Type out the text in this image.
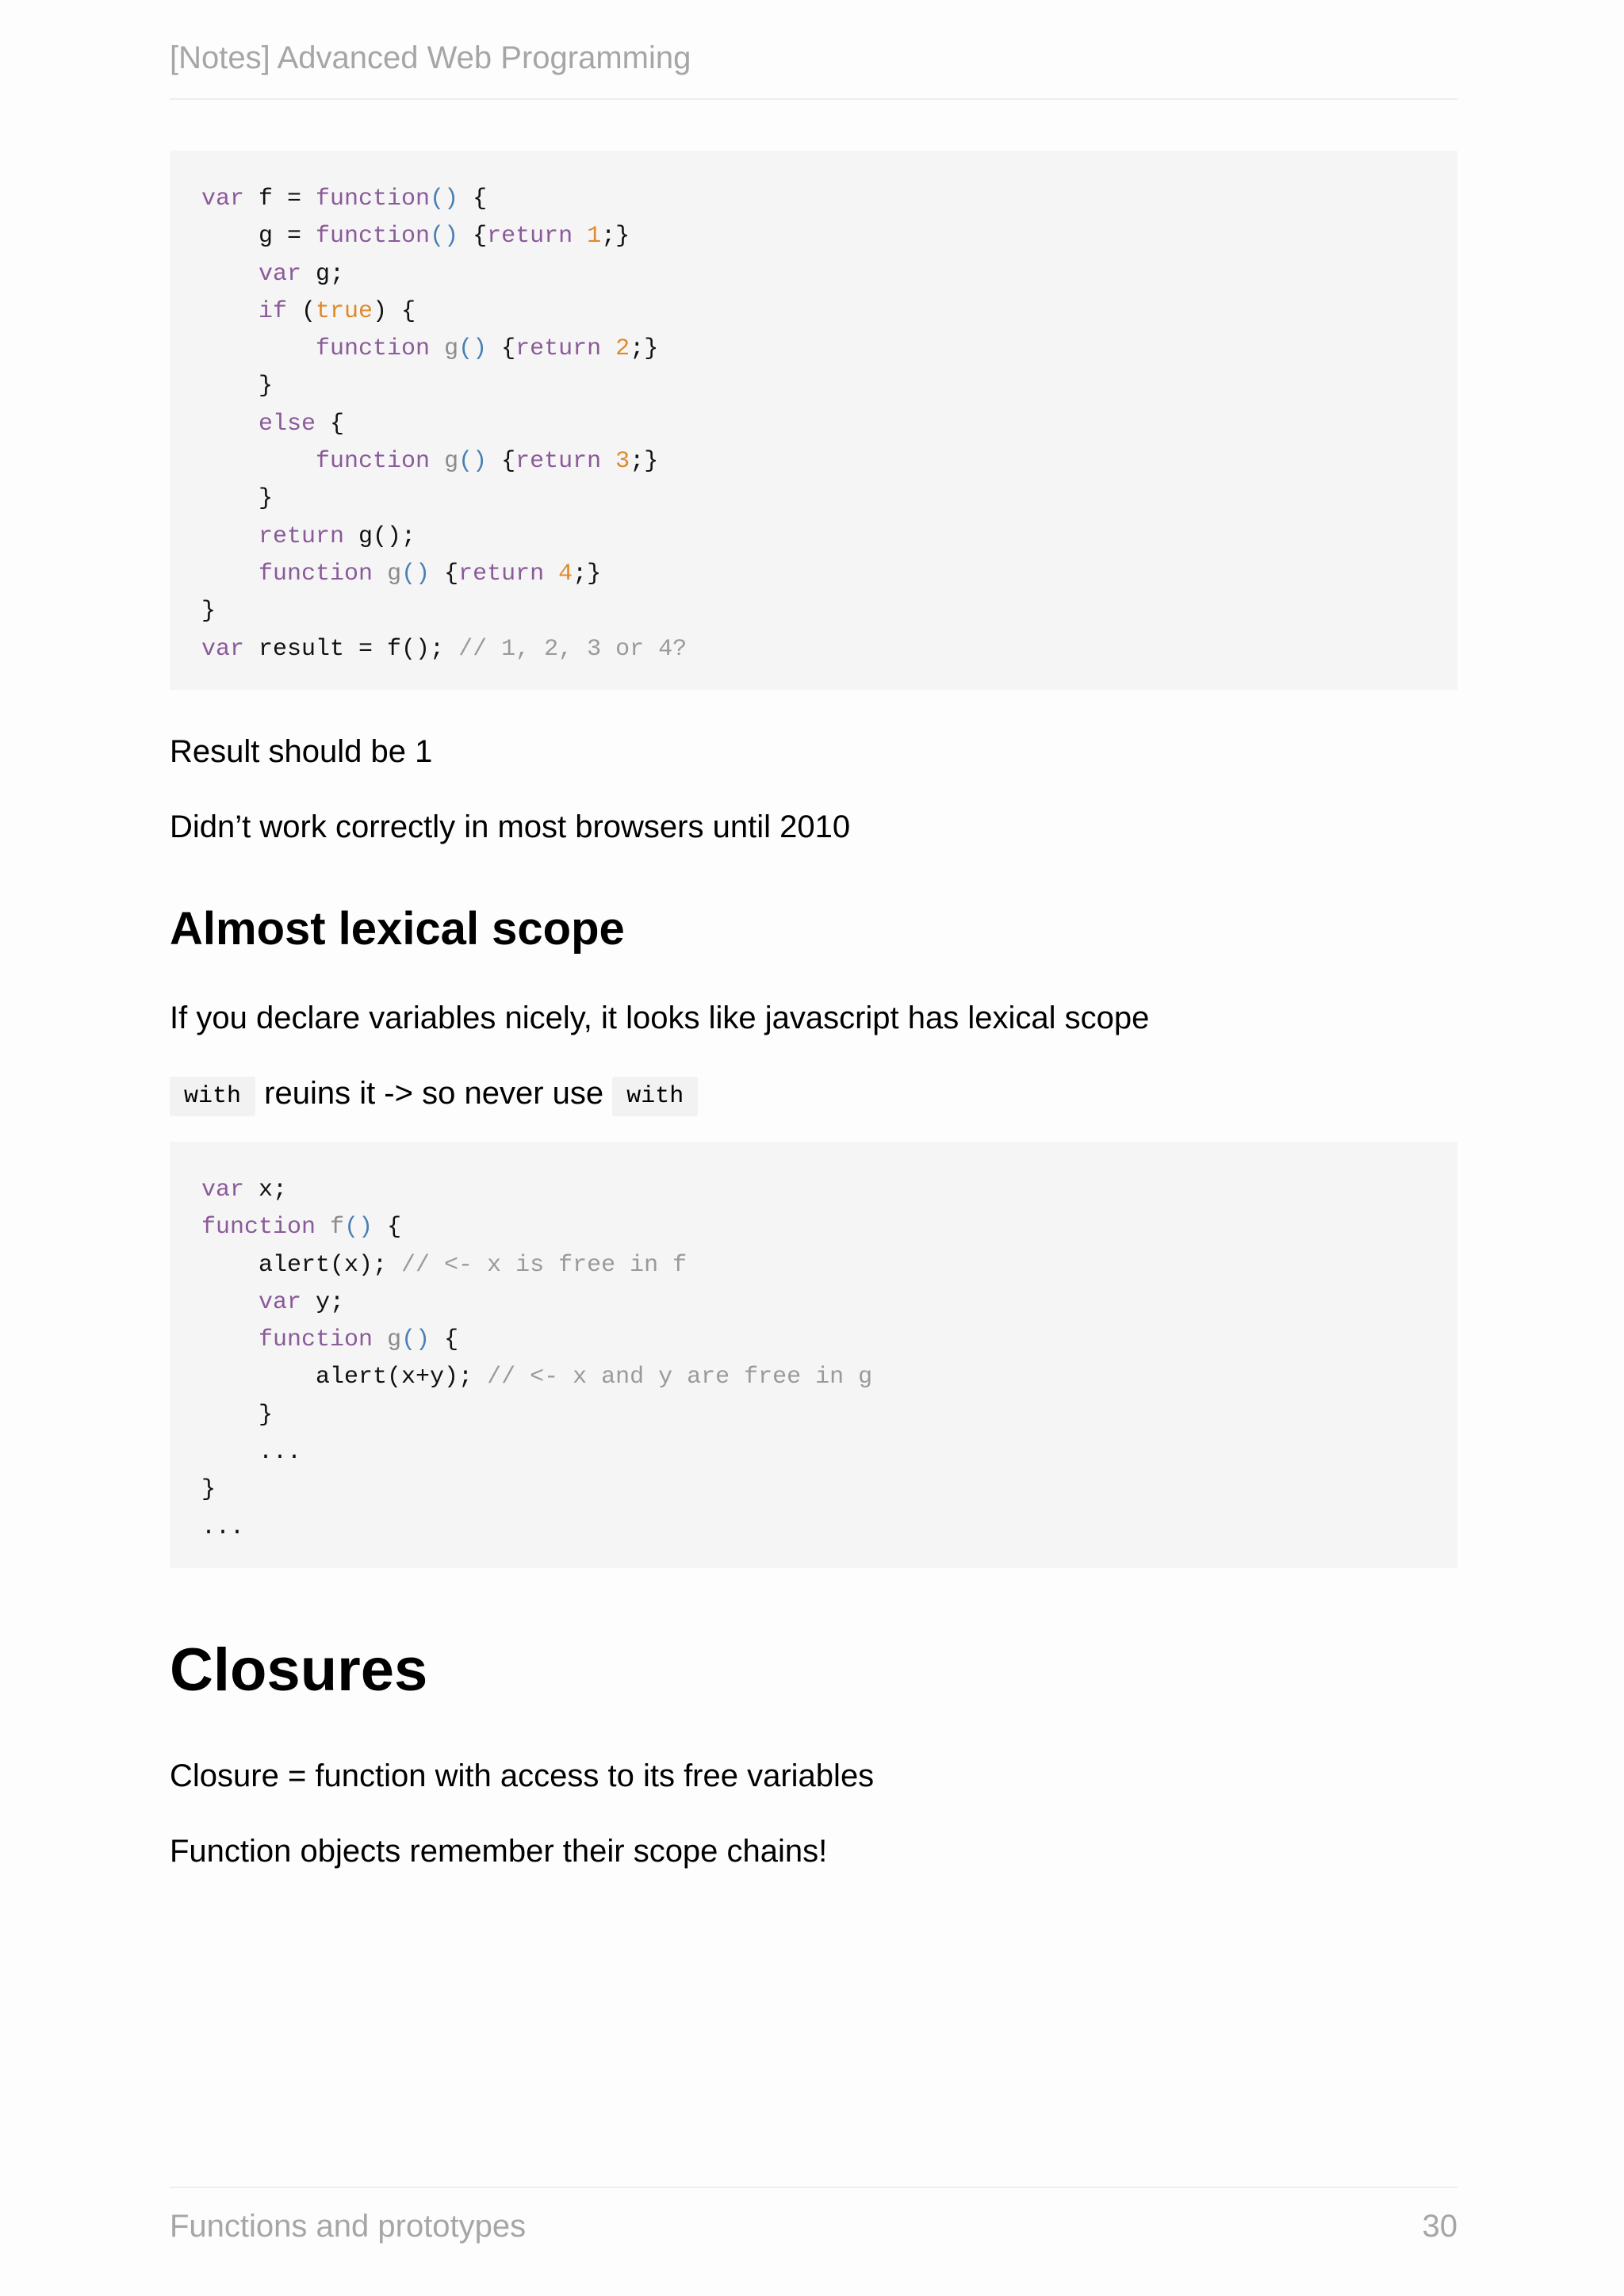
[Notes] Advanced Web Programming
var f = function() {
g = function() {return 1;}
var g;
if (true) {
function g() {return 2;}
}
else {
function g() {return 3;}
}
return g();
function g() {return 4;}
}
var result = f(); // 1, 2, 3 or 4?
Result should be 1
Didn’t work correctly in most browsers until 2010
Almost lexical scope
If you declare variables nicely, it looks like javascript has lexical scope
with reuins it -> so never use with
var x;
function f() {
alert(x); // <- x is free in f
var y;
function g() {
alert(x+y); // <- x and y are free in g
}
...
}
...
Closures
Closure = function with access to its free variables
Function objects remember their scope chains!
Functions and prototypes	30
